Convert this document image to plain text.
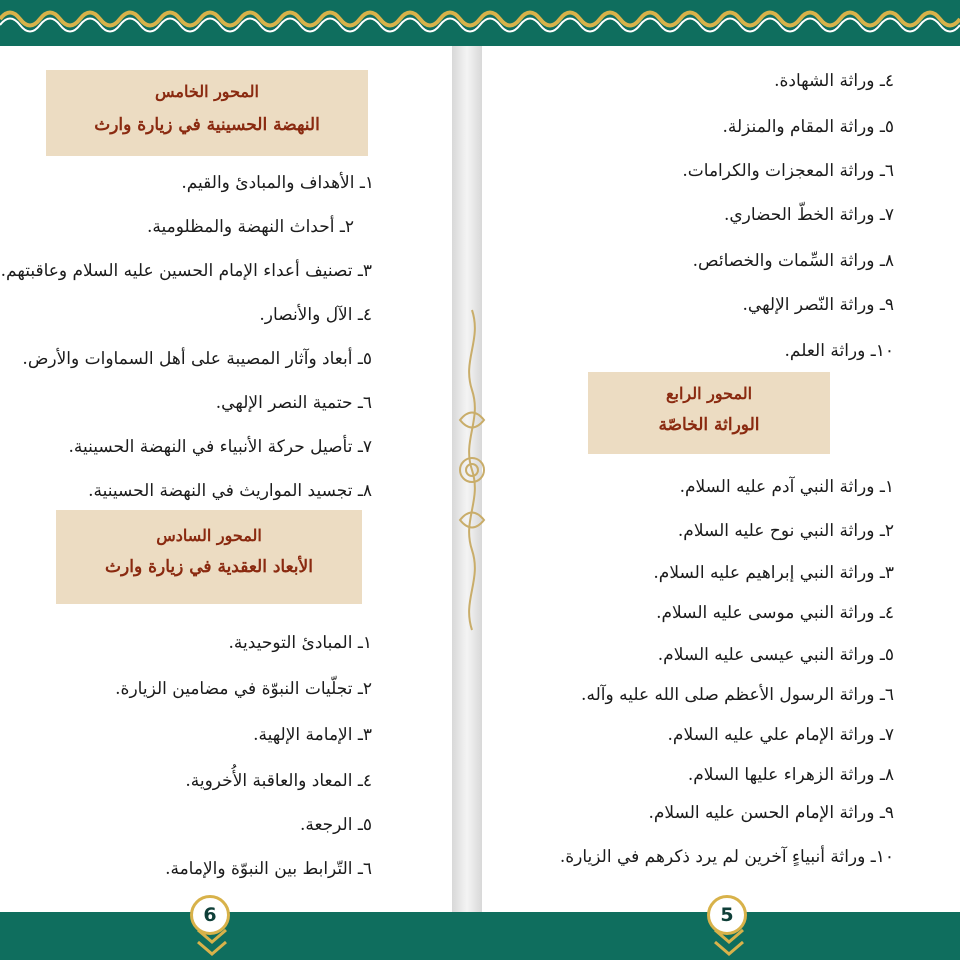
المحور الخامس
النهضة الحسينية في زيارة وارث
١ـ الأهداف والمبادئ والقيم.
٢ـ أحداث النهضة والمظلومية.
٣ـ تصنيف أعداء الإمام الحسين عليه السلام وعاقبتهم.
٤ـ الآل والأنصار.
٥ـ أبعاد وآثار المصيبة على أهل السماوات والأرض.
٦ـ حتمية النصر الإلهي.
٧ـ تأصيل حركة الأنبياء في النهضة الحسينية.
٨ـ تجسيد المواريث في النهضة الحسينية.
المحور السادس
الأبعاد العقدية في زيارة وارث
١ـ المبادئ التوحيدية.
٢ـ تجلّيات النبوّة في مضامين الزيارة.
٣ـ الإمامة الإلهية.
٤ـ المعاد والعاقبة الأُخروية.
٥ـ الرجعة.
٦ـ التّرابط بين النبوّة والإمامة.
٤ـ وراثة الشهادة.
٥ـ وراثة المقام والمنزلة.
٦ـ وراثة المعجزات والكرامات.
٧ـ وراثة الخطّ الحضاري.
٨ـ وراثة السِّمات والخصائص.
٩ـ وراثة النّصر الإلهي.
١٠ـ وراثة العلم.
المحور الرابع
الوراثة الخاصّة
١ـ وراثة النبي آدم عليه السلام.
٢ـ وراثة النبي نوح عليه السلام.
٣ـ وراثة النبي إبراهيم عليه السلام.
٤ـ وراثة النبي موسى عليه السلام.
٥ـ وراثة النبي عيسى عليه السلام.
٦ـ وراثة الرسول الأعظم صلى الله عليه وآله.
٧ـ وراثة الإمام علي عليه السلام.
٨ـ وراثة الزهراء عليها السلام.
٩ـ وراثة الإمام الحسن عليه السلام.
١٠ـ وراثة أنبياءٍ آخرين لم يرد ذكرهم في الزيارة.
6	5
